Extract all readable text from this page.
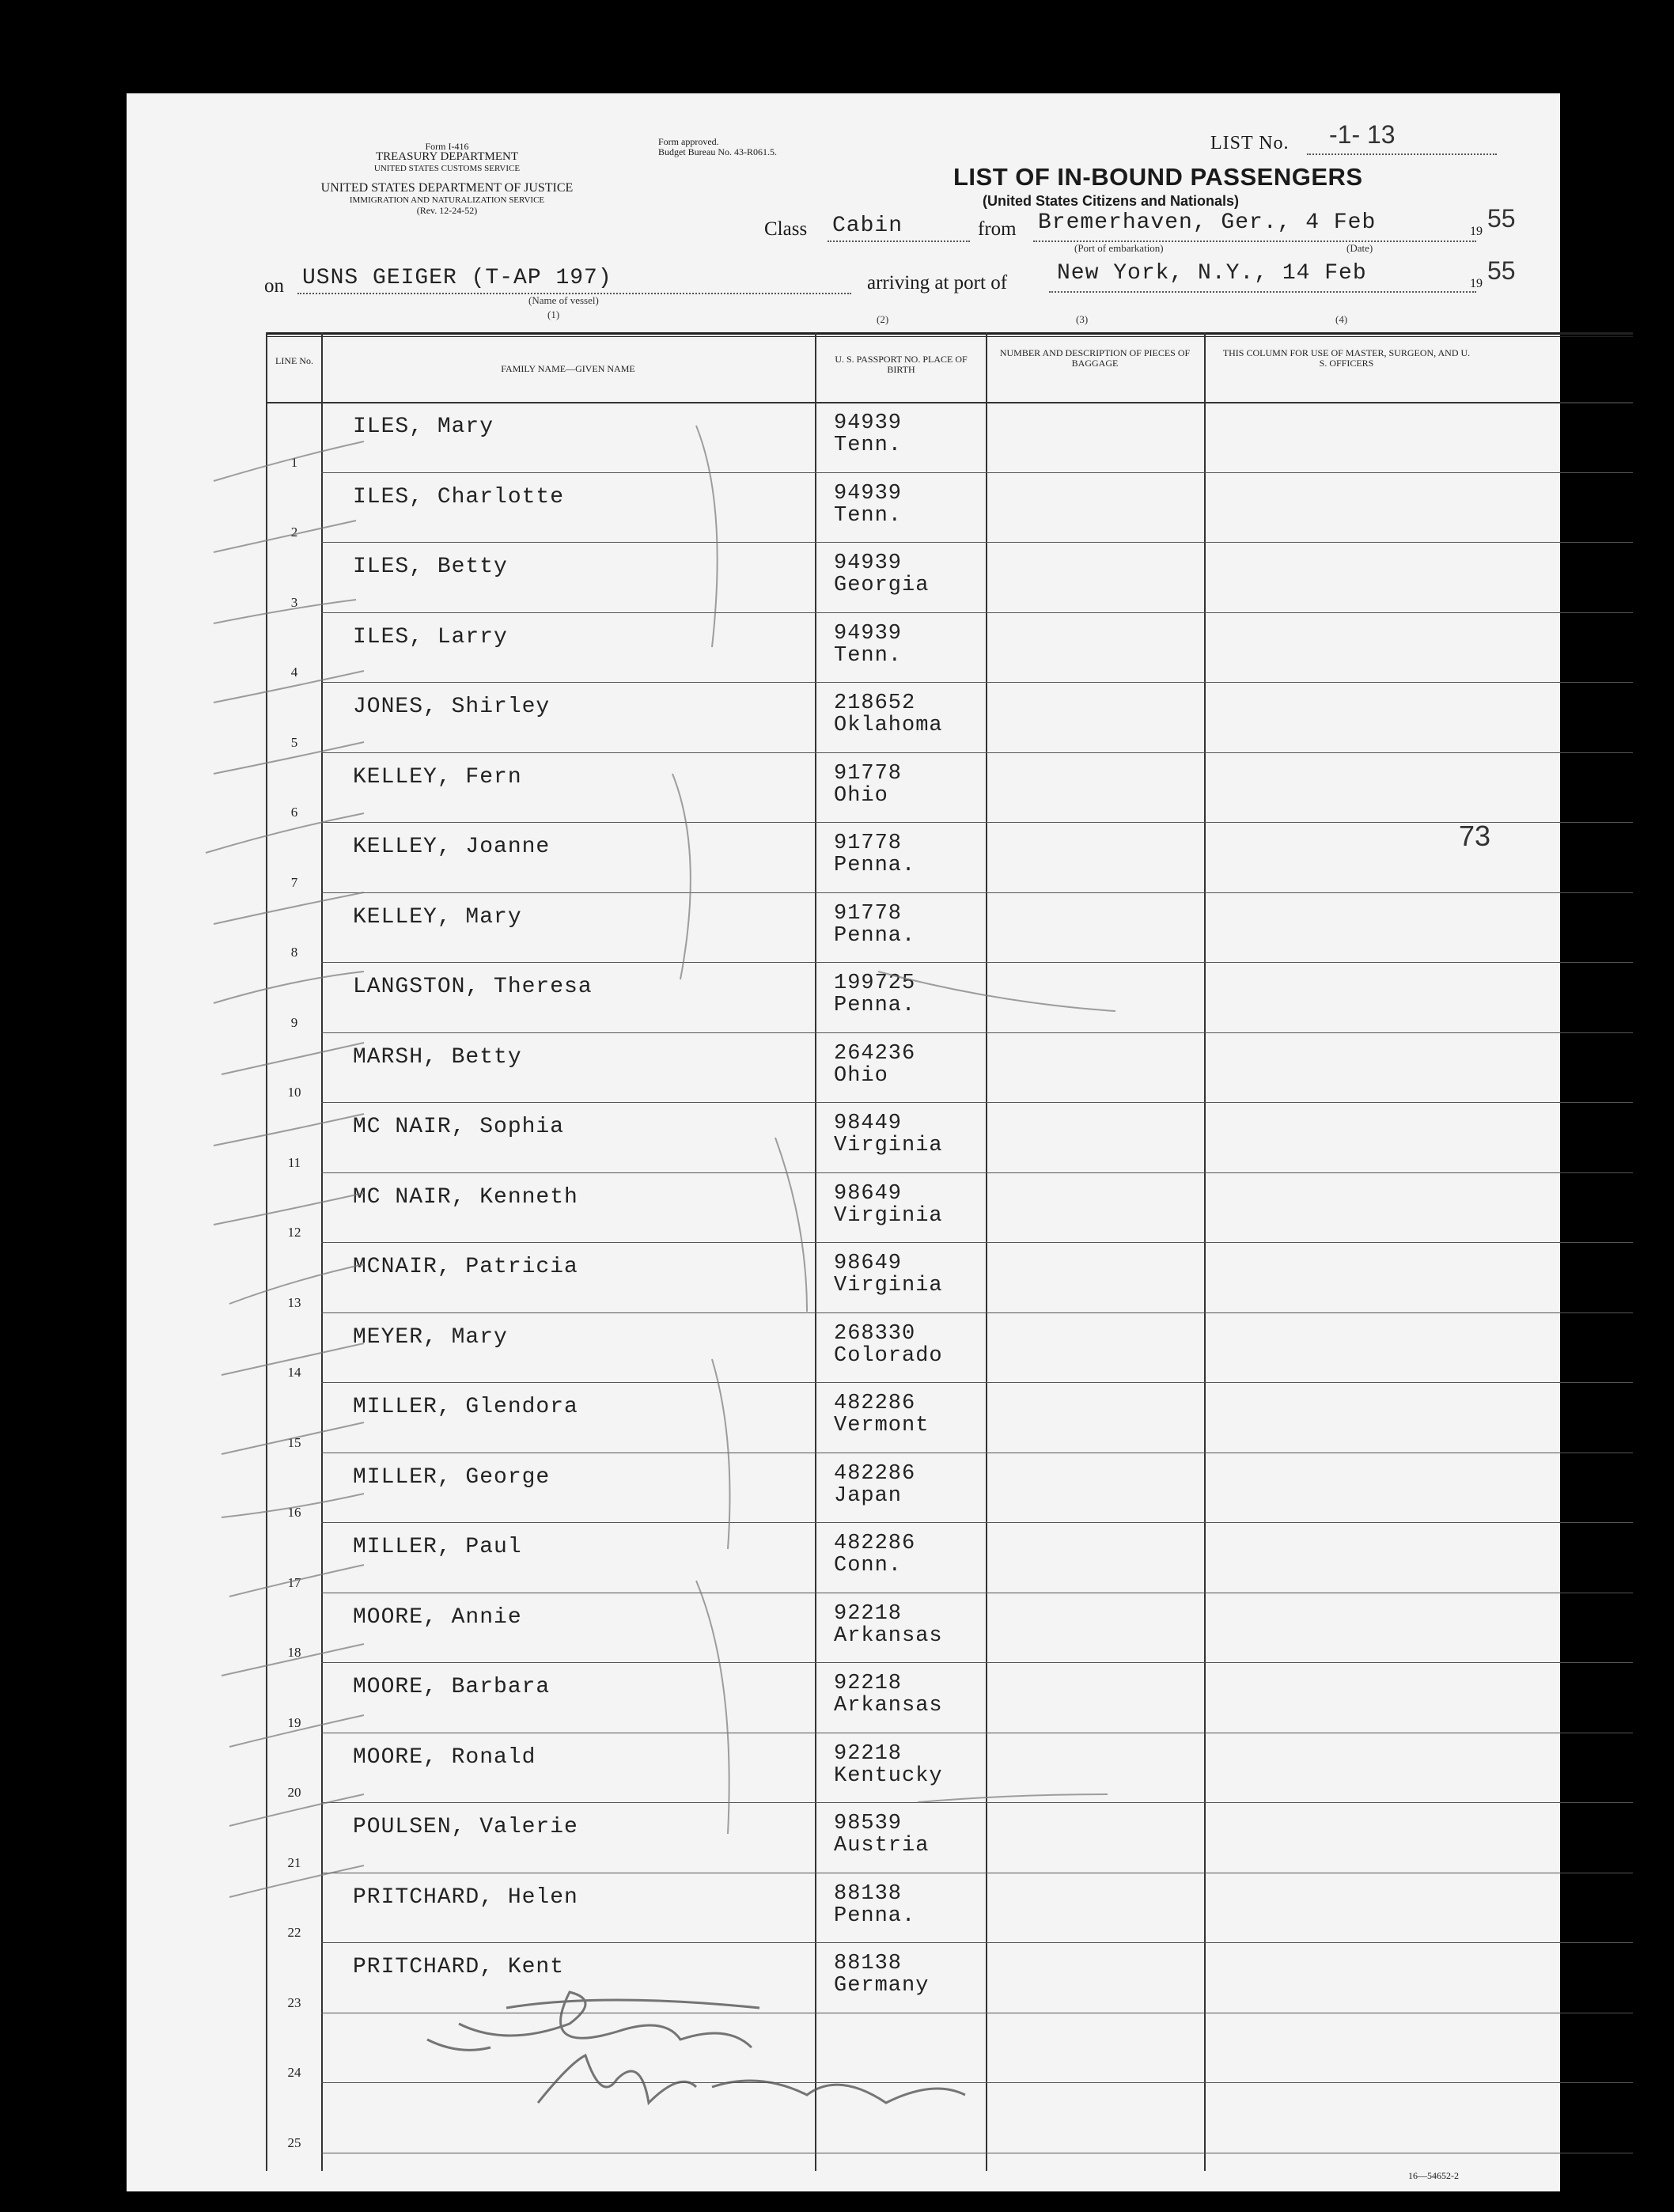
Form I-416
TREASURY DEPARTMENT
UNITED STATES CUSTOMS SERVICE
UNITED STATES DEPARTMENT OF JUSTICE
IMMIGRATION AND NATURALIZATION SERVICE
(Rev. 12-24-52)
Form approved.
Budget Bureau No. 43-R061.5.	LIST No. -1- 13
LIST OF IN-BOUND PASSENGERS
(United States Citizens and Nationals)
Class Cabin	from Bremerhaven, Ger., 4 Feb	19 55
(Port of embarkation)	(Date)
on USNS GEIGER (T-AP 197)
(Name of vessel)
arriving at port of New York, N.Y., 14 Feb	19 55
(1)	(2)	(3)	(4)
LINE No.
FAMILY NAME—GIVEN NAME
U. S. PASSPORT NO. PLACE OF BIRTH
NUMBER AND DESCRIPTION OF PIECES OF BAGGAGE
THIS COLUMN FOR USE OF MASTER, SURGEON, AND U. S. OFFICERS
1
ILES, Mary	94939
Tenn.
2
ILES, Charlotte	94939
Tenn.
3
ILES, Betty	94939
Georgia
4
ILES, Larry	94939
Tenn.
5
JONES, Shirley	218652
Oklahoma
6
KELLEY, Fern	91778
Ohio
7
KELLEY, Joanne	91778
Penna.
8
KELLEY, Mary	91778
Penna.
9
LANGSTON, Theresa	199725
Penna.
10
MARSH, Betty	264236
Ohio
11
MC NAIR, Sophia	98449
Virginia
12
MC NAIR, Kenneth	98649
Virginia
13
MCNAIR, Patricia	98649
Virginia
14
MEYER, Mary	268330
Colorado
15
MILLER, Glendora	482286
Vermont
16
MILLER, George	482286
Japan
17
MILLER, Paul	482286
Conn.
18
MOORE, Annie	92218
Arkansas
19
MOORE, Barbara	92218
Arkansas
20
MOORE, Ronald	92218
Kentucky
21
POULSEN, Valerie	98539
Austria
22
PRITCHARD, Helen	88138
Penna.
23
PRITCHARD, Kent	88138
Germany
24
25
73
16—54652-2
